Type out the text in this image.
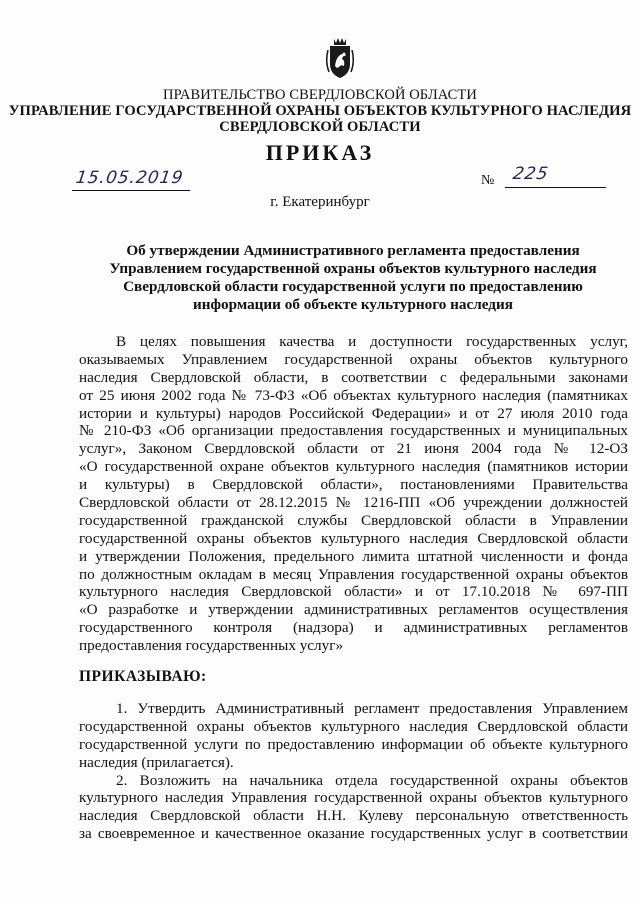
ПРАВИТЕЛЬСТВО СВЕРДЛОВСКОЙ ОБЛАСТИ
УПРАВЛЕНИЕ ГОСУДАРСТВЕННОЙ ОХРАНЫ ОБЪЕКТОВ КУЛЬТУРНОГО НАСЛЕДИЯ
СВЕРДЛОВСКОЙ ОБЛАСТИ
ПРИКАЗ
15.05.2019	№ 225
г. Екатеринбург
Об утверждении Административного регламента предоставления
Управлением государственной охраны объектов культурного наследия
Свердловской области государственной услуги по предоставлению
информации об объекте культурного наследия
В целях повышения качества и доступности государственных услуг,
оказываемых Управлением государственной охраны объектов культурного
наследия Свердловской области, в соответствии с федеральными законами
от 25 июня 2002 года № 73-ФЗ «Об объектах культурного наследия (памятниках
истории и культуры) народов Российской Федерации» и от 27 июля 2010 года
№ 210-ФЗ «Об организации предоставления государственных и муниципальных
услуг», Законом Свердловской области от 21 июня 2004 года № 12-ОЗ
«О государственной охране объектов культурного наследия (памятников истории
и культуры) в Свердловской области», постановлениями Правительства
Свердловской области от 28.12.2015 № 1216-ПП «Об учреждении должностей
государственной гражданской службы Свердловской области в Управлении
государственной охраны объектов культурного наследия Свердловской области
и утверждении Положения, предельного лимита штатной численности и фонда
по должностным окладам в месяц Управления государственной охраны объектов
культурного наследия Свердловской области» и от 17.10.2018 № 697-ПП
«О разработке и утверждении административных регламентов осуществления
государственного контроля (надзора) и административных регламентов
предоставления государственных услуг»
ПРИКАЗЫВАЮ:
1. Утвердить Административный регламент предоставления Управлением
государственной охраны объектов культурного наследия Свердловской области
государственной услуги по предоставлению информации об объекте культурного
наследия (прилагается).
2. Возложить на начальника отдела государственной охраны объектов
культурного наследия Управления государственной охраны объектов культурного
наследия Свердловской области Н.Н. Кулеву персональную ответственность
за своевременное и качественное оказание государственных услуг в соответствии
